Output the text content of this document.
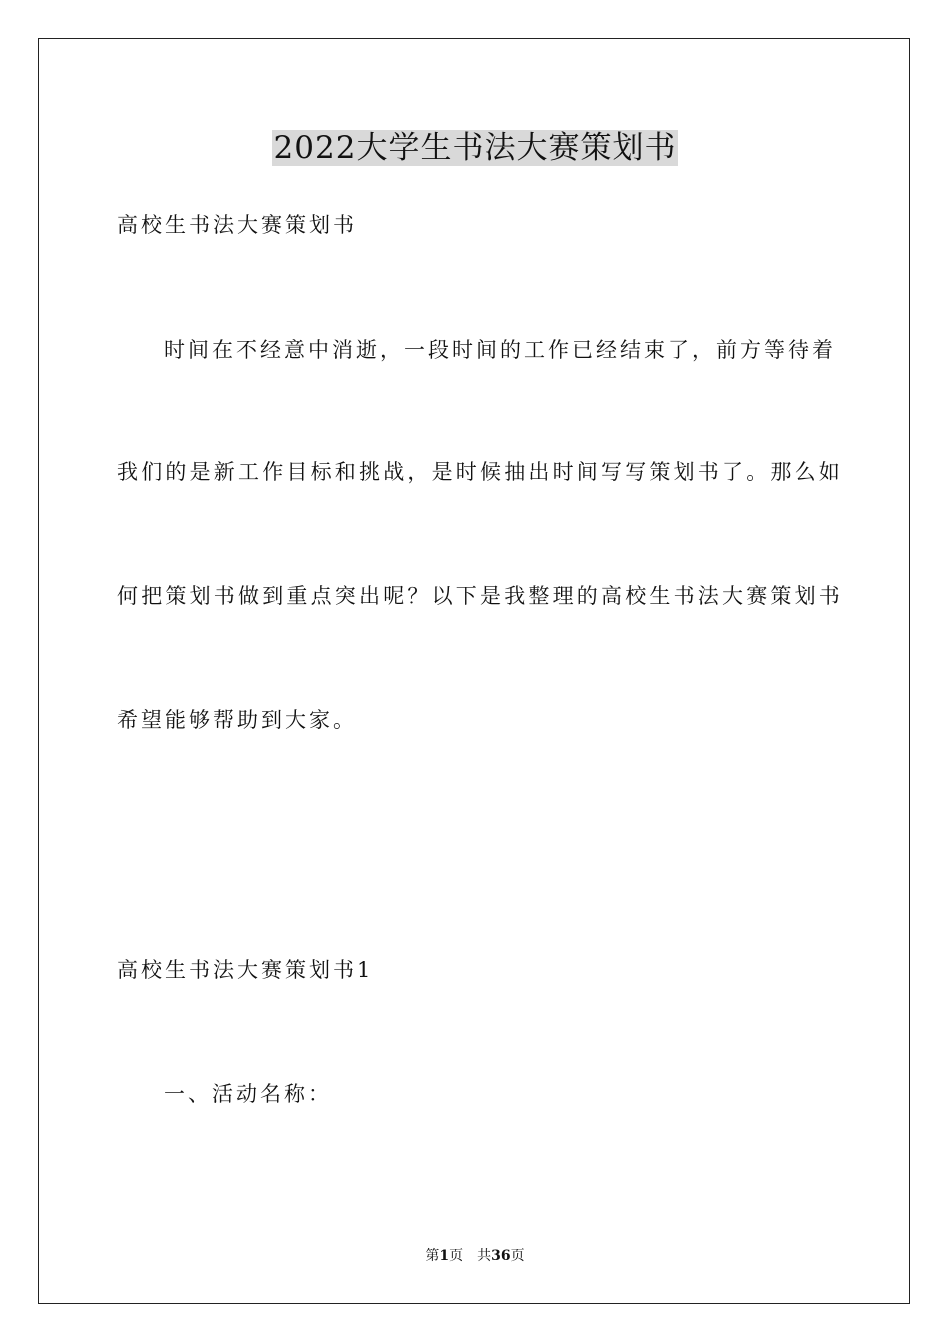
2022大学生书法大赛策划书
高校生书法大赛策划书
时间在不经意中消逝，一段时间的工作已经结束了，前方等待着
我们的是新工作目标和挑战，是时候抽出时间写写策划书了。那么如
何把策划书做到重点突出呢？以下是我整理的高校生书法大赛策划书
希望能够帮助到大家。
高校生书法大赛策划书1
一、活动名称：
第1页 共36页
